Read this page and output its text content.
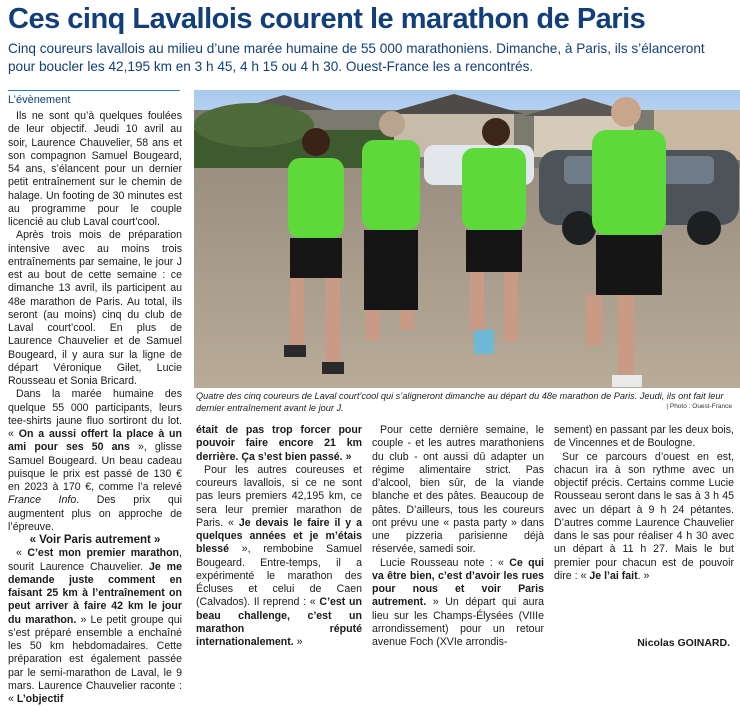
Ces cinq Lavallois courent le marathon de Paris
Cinq coureurs lavallois au milieu d’une marée humaine de 55 000 marathoniens. Dimanche, à Paris, ils s’élanceront pour boucler les 42,195 km en 3 h 45, 4 h 15 ou 4 h 30. Ouest-France les a rencontrés.
L’évènement

Ils ne sont qu’à quelques foulées de leur objectif. Jeudi 10 avril au soir, Laurence Chauvelier, 58 ans et son compagnon Samuel Bougeard, 54 ans, s’élancent pour un dernier petit entraînement sur le chemin de halage. Un footing de 30 minutes est au programme pour le couple licencié au club Laval court’cool.

Après trois mois de préparation intensive avec au moins trois entraînements par semaine, le jour J est au bout de cette semaine : ce dimanche 13 avril, ils participent au 48e marathon de Paris. Au total, ils seront (au moins) cinq du club de Laval court’cool. En plus de Laurence Chauvelier et de Samuel Bougeard, il y aura sur la ligne de départ Véronique Gilet, Lucie Rousseau et Sonia Bricard.

Dans la marée humaine des quelque 55 000 participants, leurs tee-shirts jaune fluo sortiront du lot. « On a aussi offert la place à un ami pour ses 50 ans », glisse Samuel Bougeard. Un beau cadeau puisque le prix est passé de 130 € en 2023 à 170 €, comme l’a relevé France Info. Des prix qui augmentent plus on approche de l’épreuve.

« Voir Paris autrement »

« C’est mon premier marathon, sourit Laurence Chauvelier. Je me demande juste comment en faisant 25 km à l’entraînement on peut arriver à faire 42 km le jour du marathon. » Le petit groupe qui s’est préparé ensemble a enchaîné les 50 km hebdomadaires. Cette préparation est également passée par le semi-marathon de Laval, le 9 mars. Laurence Chauvelier raconte : « L’objectif

Quatre des cinq coureurs de Laval court’cool qui s’aligneront dimanche au départ du 48e marathon de Paris. Jeudi, ils ont fait leur dernier entraînement avant le jour J.	| Photo : Ouest-France

était de pas trop forcer pour pouvoir faire encore 21 km derrière. Ça s’est bien passé. »

Pour les autres coureuses et coureurs lavallois, si ce ne sont pas leurs premiers 42,195 km, ce sera leur premier marathon de Paris. « Je devais le faire il y a quelques années et je m’étais blessé », rembobine Samuel Bougeard. Entre-temps, il a expérimenté le marathon des Écluses et celui de Caen (Calvados). Il reprend : « C’est un beau challenge, c’est un marathon réputé internationalement. »

Pour cette dernière semaine, le couple - et les autres marathoniens du club - ont aussi dû adapter un régime alimentaire strict. Pas d’alcool, bien sûr, de la viande blanche et des pâtes. Beaucoup de pâtes. D’ailleurs, tous les coureurs ont prévu une « pasta party » dans une pizzeria parisienne déjà réservée, samedi soir.

Lucie Rousseau note : « Ce qui va être bien, c’est d’avoir les rues pour nous et voir Paris autrement. » Un départ qui aura lieu sur les Champs-Élysées (VIIIe arrondissement) pour un retour avenue Foch (XVIe arrondis-

sement) en passant par les deux bois, de Vincennes et de Boulogne.

Sur ce parcours d’ouest en est, chacun ira à son rythme avec un objectif précis. Certains comme Lucie Rousseau seront dans le sas à 3 h 45 avec un départ à 9 h 24 pétantes. D’autres comme Laurence Chauvelier dans le sas pour réaliser 4 h 30 avec un départ à 11 h 27. Mais le but premier pour chacun est de pouvoir dire : « Je l’ai fait. »

Nicolas GOINARD.
